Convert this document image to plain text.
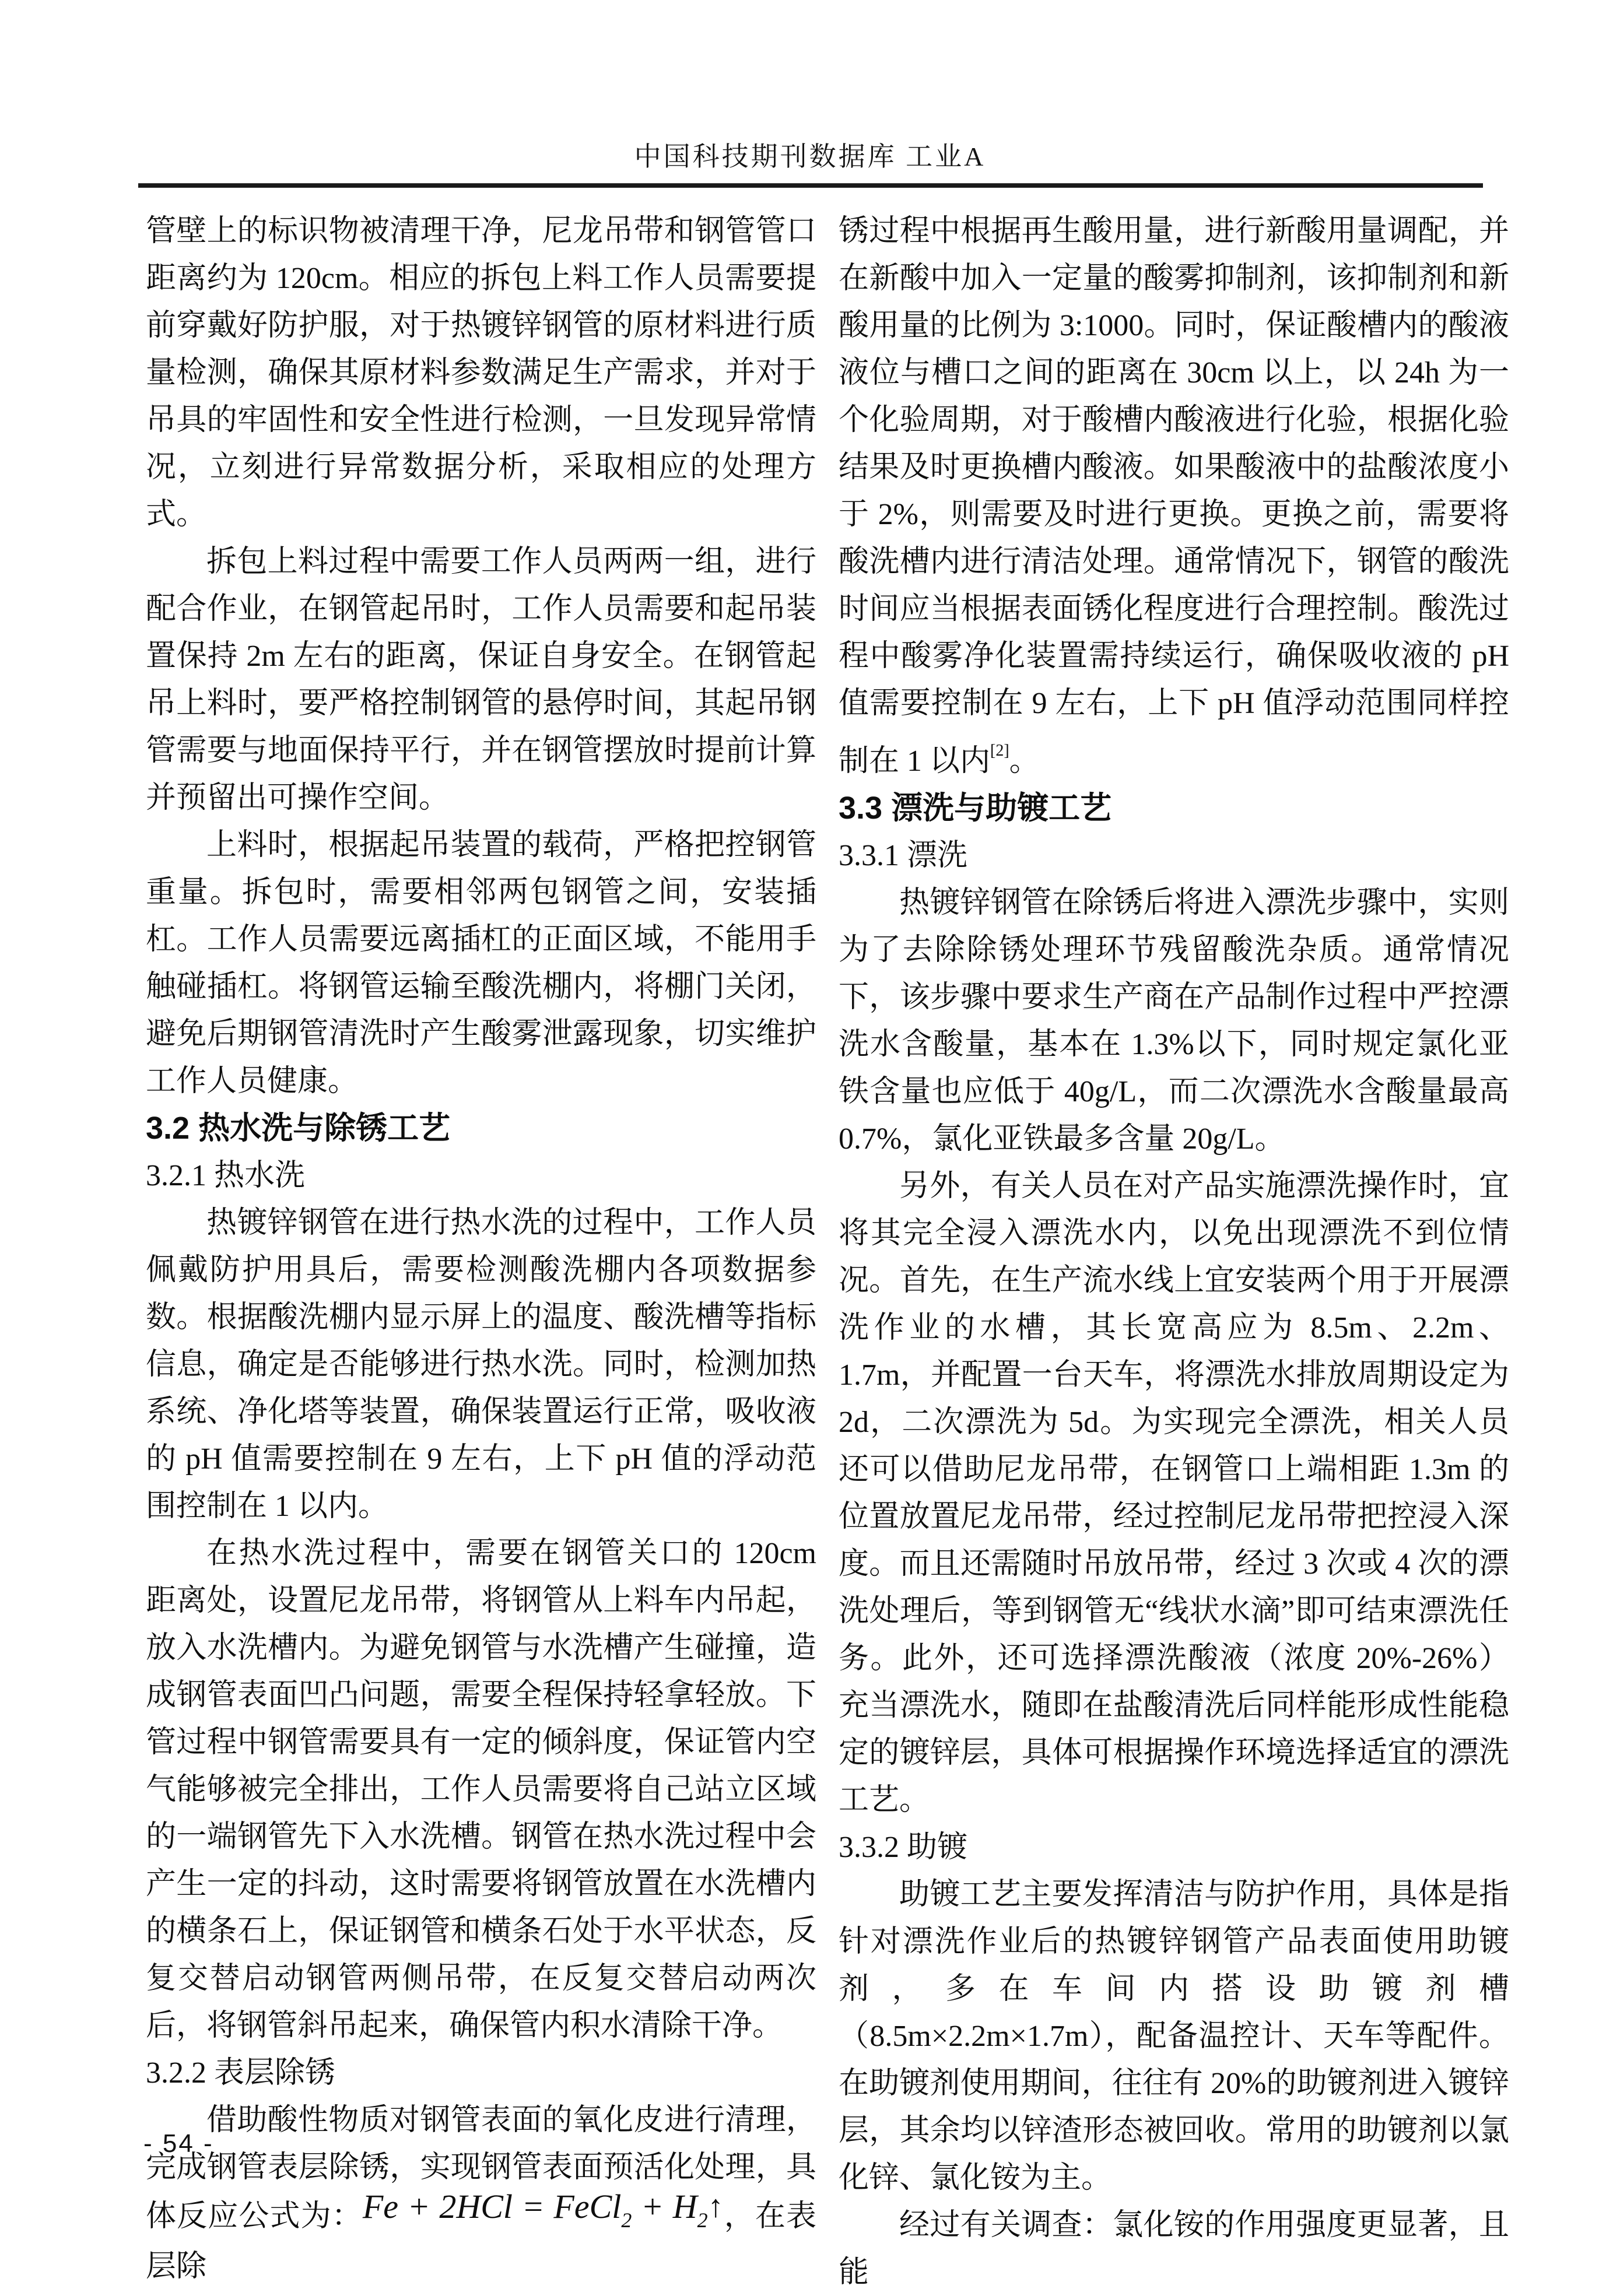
中国科技期刊数据库 工业A

管壁上的标识物被清理干净，尼龙吊带和钢管管口距离约为 120cm。相应的拆包上料工作人员需要提前穿戴好防护服，对于热镀锌钢管的原材料进行质量检测，确保其原材料参数满足生产需求，并对于吊具的牢固性和安全性进行检测，一旦发现异常情况，立刻进行异常数据分析，采取相应的处理方式。

拆包上料过程中需要工作人员两两一组，进行配合作业，在钢管起吊时，工作人员需要和起吊装置保持 2m 左右的距离，保证自身安全。在钢管起吊上料时，要严格控制钢管的悬停时间，其起吊钢管需要与地面保持平行，并在钢管摆放时提前计算并预留出可操作空间。

上料时，根据起吊装置的载荷，严格把控钢管重量。拆包时，需要相邻两包钢管之间，安装插杠。工作人员需要远离插杠的正面区域，不能用手触碰插杠。将钢管运输至酸洗棚内，将棚门关闭，避免后期钢管清洗时产生酸雾泄露现象，切实维护工作人员健康。

3.2 热水洗与除锈工艺
3.2.1 热水洗

热镀锌钢管在进行热水洗的过程中，工作人员佩戴防护用具后，需要检测酸洗棚内各项数据参数。根据酸洗棚内显示屏上的温度、酸洗槽等指标信息，确定是否能够进行热水洗。同时，检测加热系统、净化塔等装置，确保装置运行正常，吸收液的 pH 值需要控制在 9 左右，上下 pH 值的浮动范围控制在 1 以内。

在热水洗过程中，需要在钢管关口的 120cm 距离处，设置尼龙吊带，将钢管从上料车内吊起，放入水洗槽内。为避免钢管与水洗槽产生碰撞，造成钢管表面凹凸问题，需要全程保持轻拿轻放。下管过程中钢管需要具有一定的倾斜度，保证管内空气能够被完全排出，工作人员需要将自己站立区域的一端钢管先下入水洗槽。钢管在热水洗过程中会产生一定的抖动，这时需要将钢管放置在水洗槽内的横条石上，保证钢管和横条石处于水平状态，反复交替启动钢管两侧吊带，在反复交替启动两次后，将钢管斜吊起来，确保管内积水清除干净。

3.2.2 表层除锈

借助酸性物质对钢管表面的氧化皮进行清理，完成钢管表层除锈，实现钢管表面预活化处理，具体反应公式为：Fe + 2HCl = FeCl2 + H2↑，在表层除

锈过程中根据再生酸用量，进行新酸用量调配，并在新酸中加入一定量的酸雾抑制剂，该抑制剂和新酸用量的比例为 3:1000。同时，保证酸槽内的酸液液位与槽口之间的距离在 30cm 以上，以 24h 为一个化验周期，对于酸槽内酸液进行化验，根据化验结果及时更换槽内酸液。如果酸液中的盐酸浓度小于 2%，则需要及时进行更换。更换之前，需要将酸洗槽内进行清洁处理。通常情况下，钢管的酸洗时间应当根据表面锈化程度进行合理控制。酸洗过程中酸雾净化装置需持续运行，确保吸收液的 pH 值需要控制在 9 左右，上下 pH 值浮动范围同样控制在 1 以内[2]。

3.3 漂洗与助镀工艺
3.3.1 漂洗

热镀锌钢管在除锈后将进入漂洗步骤中，实则为了去除除锈处理环节残留酸洗杂质。通常情况下，该步骤中要求生产商在产品制作过程中严控漂洗水含酸量，基本在 1.3%以下，同时规定氯化亚铁含量也应低于 40g/L，而二次漂洗水含酸量最高 0.7%，氯化亚铁最多含量 20g/L。

另外，有关人员在对产品实施漂洗操作时，宜将其完全浸入漂洗水内，以免出现漂洗不到位情况。首先，在生产流水线上宜安装两个用于开展漂洗作业的水槽，其长宽高应为 8.5m、2.2m、1.7m，并配置一台天车，将漂洗水排放周期设定为 2d，二次漂洗为 5d。为实现完全漂洗，相关人员还可以借助尼龙吊带，在钢管口上端相距 1.3m 的位置放置尼龙吊带，经过控制尼龙吊带把控浸入深度。而且还需随时吊放吊带，经过 3 次或 4 次的漂洗处理后，等到钢管无“线状水滴”即可结束漂洗任务。此外，还可选择漂洗酸液（浓度 20%-26%）充当漂洗水，随即在盐酸清洗后同样能形成性能稳定的镀锌层，具体可根据操作环境选择适宜的漂洗工艺。

3.3.2 助镀

助镀工艺主要发挥清洁与防护作用，具体是指针对漂洗作业后的热镀锌钢管产品表面使用助镀剂，多在车间内搭设助镀剂槽（8.5m×2.2m×1.7m），配备温控计、天车等配件。在助镀剂使用期间，往往有 20%的助镀剂进入镀锌层，其余均以锌渣形态被回收。常用的助镀剂以氯化锌、氯化铵为主。

经过有关调查：氯化铵的作用强度更显著，且能

- 54 -
